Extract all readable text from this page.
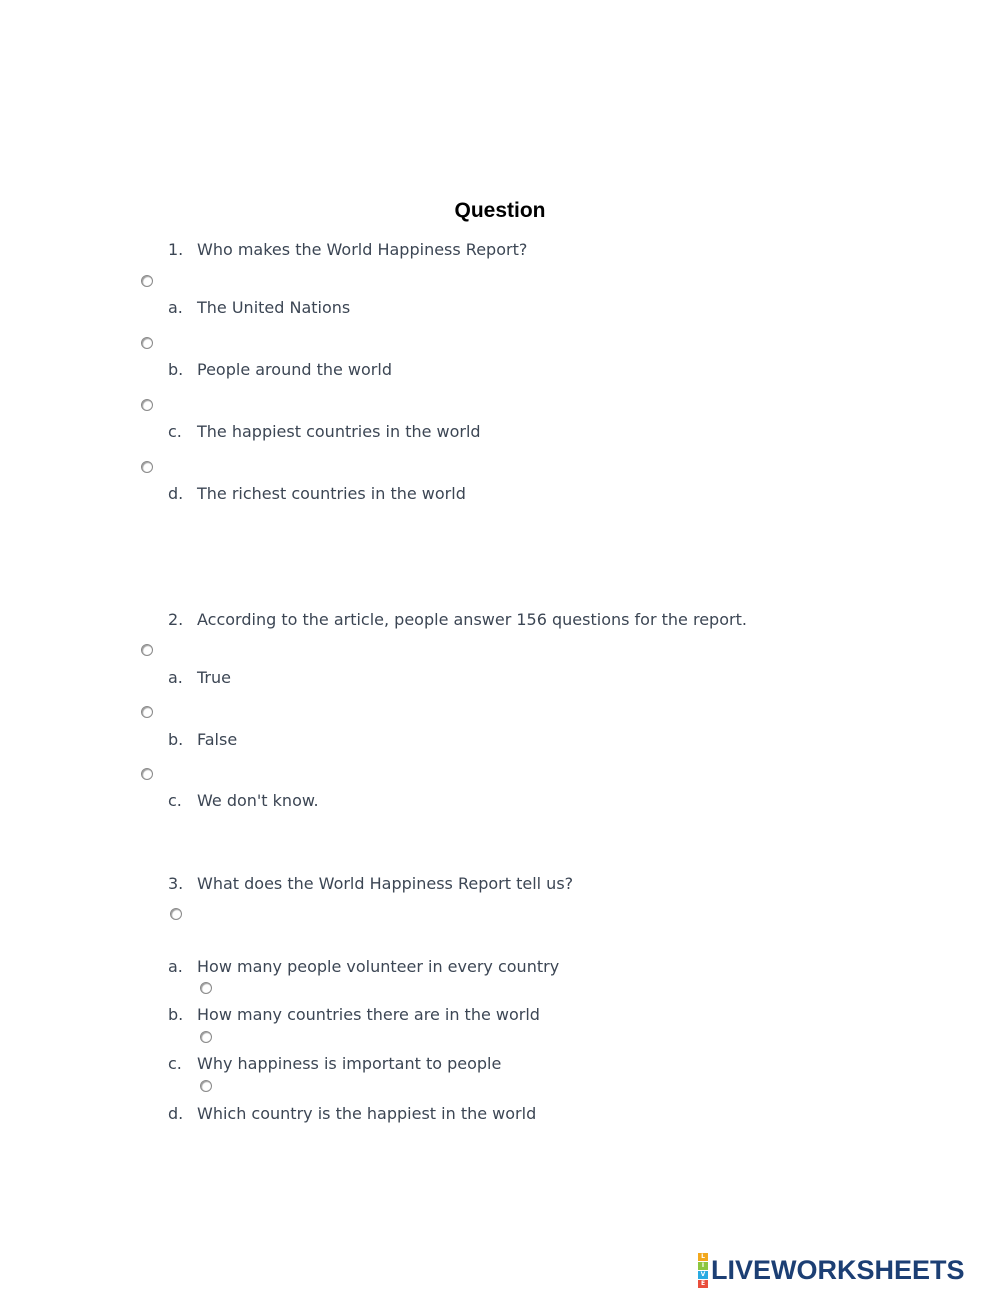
Question
1. Who makes the World Happiness Report?
a. The United Nations
b. People around the world
c. The happiest countries in the world
d. The richest countries in the world
2. According to the article, people answer 156 questions for the report.
a. True
b. False
c. We don't know.
3. What does the World Happiness Report tell us?
a. How many people volunteer in every country
b. How many countries there are in the world
c. Why happiness is important to people
d. Which country is the happiest in the world
L
I
V
E LIVEWORKSHEETS
